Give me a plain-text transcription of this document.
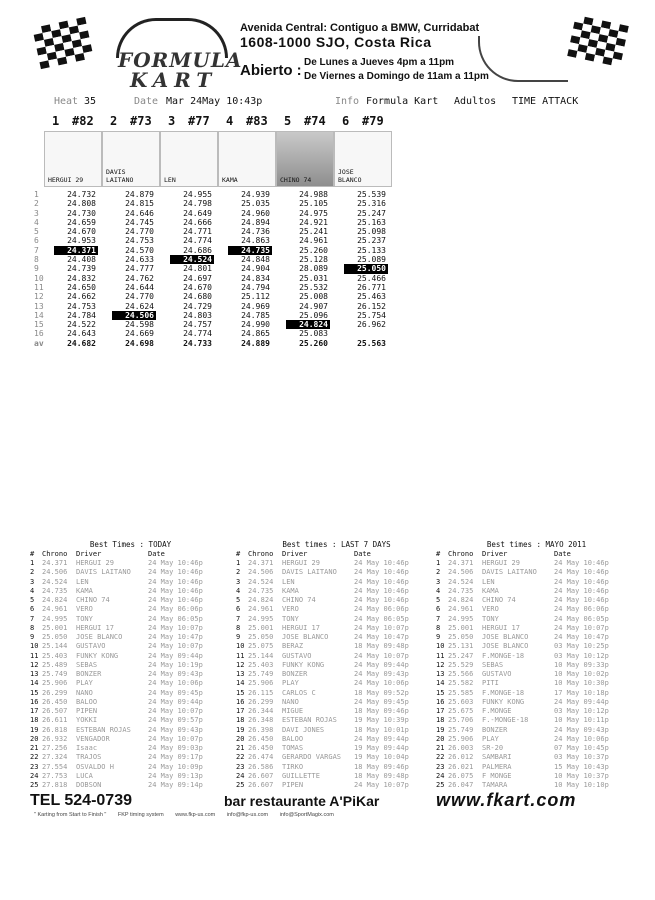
FORMULA
KART
Avenida Central: Contiguo a BMW, Curridabat
1608-1000 SJO, Costa Rica
Abierto : De Lunes a Jueves 4pm a 11pm
De Viernes a Domingo de 11am a 11pm
Heat 35	Date Mar 24May 10:43p	Info Formula Kart Adultos TIME ATTACK
1 #82 2 #73 3 #77 4 #83 5 #74 6 #79
HERGUI 29
DAVIS
LAITANO	LEN	KAMA	CHINO 74
JOSE
BLANCO
1	24.732	24.879	24.955	24.939	24.988	25.539
2	24.808	24.815	24.798	25.035	25.105	25.316
3	24.730	24.646	24.649	24.960	24.975	25.247
4	24.659	24.745	24.666	24.894	24.921	25.163
5	24.670	24.770	24.771	24.736	25.241	25.098
6	24.953	24.753	24.774	24.863	24.961	25.237
7	24.371	24.570	24.686	24.735	25.260	25.133
8	24.408	24.633	24.524	24.848	25.128	25.089
9	24.739	24.777	24.801	24.904	28.089	25.050
10	24.832	24.762	24.697	24.834	25.031	25.466
11	24.650	24.644	24.670	24.794	25.532	26.771
12	24.662	24.770	24.680	25.112	25.008	25.463
13	24.753	24.624	24.729	24.969	24.907	26.152
14	24.784	24.506	24.803	24.785	25.096	25.754
15	24.522	24.598	24.757	24.990	24.824	26.962
16	24.643	24.669	24.774	24.865	25.083
av	24.682	24.698	24.733	24.889	25.260	25.563
Best Times : TODAY
# Chrono Driver	Date
1 24.371 HERGUI 29	24 May 10:46p
2 24.506 DAVIS LAITANO 24 May 10:46p
3 24.524 LEN	24 May 10:46p
4 24.735 KAMA	24 May 10:46p
5 24.824 CHINO 74	24 May 10:46p
6 24.961 VERO	24 May 06:06p
7 24.995 TONY	24 May 06:05p
8 25.001 HERGUI 17	24 May 10:07p
9 25.050 JOSE BLANCO	24 May 10:47p
10 25.144 GUSTAVO	24 May 10:07p
11 25.403 FUNKY KONG	24 May 09:44p
12 25.489 SEBAS	24 May 10:19p
13 25.749 BONZER	24 May 09:43p
14 25.906 PLAY	24 May 10:06p
15 26.299 NANO	24 May 09:45p
16 26.450 BALOO	24 May 09:44p
17 26.507 PIPEN	24 May 10:07p
18 26.611 YOKKI	24 May 09:57p
19 26.818 ESTEBAN ROJAS 24 May 09:43p
20 26.932 VENGADOR	24 May 10:07p
21 27.256 Isaac	24 May 09:03p
22 27.324 TRAJOS	24 May 09:17p
23 27.554 OSVALDO H	24 May 10:09p
24 27.753 LUCA	24 May 09:13p
25 27.818 DOBSON	24 May 09:14p
Best times : LAST 7 DAYS
# Chrono Driver	Date
1 24.371 HERGUI 29	24 May 10:46p
2 24.506 DAVIS LAITANO 24 May 10:46p
3 24.524 LEN	24 May 10:46p
4 24.735 KAMA	24 May 10:46p
5 24.824 CHINO 74	24 May 10:46p
6 24.961 VERO	24 May 06:06p
7 24.995 TONY	24 May 06:05p
8 25.001 HERGUI 17	24 May 10:07p
9 25.050 JOSE BLANCO	24 May 10:47p
10 25.075 BERAZ	18 May 09:48p
11 25.144 GUSTAVO	24 May 10:07p
12 25.403 FUNKY KONG	24 May 09:44p
13 25.749 BONZER	24 May 09:43p
14 25.906 PLAY	24 May 10:06p
15 26.115 CARLOS C	18 May 09:52p
16 26.299 NANO	24 May 09:45p
17 26.344 MIGUE	18 May 09:46p
18 26.348 ESTEBAN ROJAS 19 May 10:39p
19 26.398 DAVI JONES	18 May 10:01p
20 26.450 BALOO	24 May 09:44p
21 26.450 TOMAS	19 May 09:44p
22 26.474 GERARDO VARGAS 19 May 10:04p
23 26.586 TIRKO	18 May 09:46p
24 26.607 GUILLETTE	18 May 09:48p
25 26.607 PIPEN	24 May 10:07p
Best times : MAYO 2011
# Chrono Driver	Date
1 24.371 HERGUI 29	24 May 10:46p
2 24.506 DAVIS LAITANO 24 May 10:46p
3 24.524 LEN	24 May 10:46p
4 24.735 KAMA	24 May 10:46p
5 24.824 CHINO 74	24 May 10:46p
6 24.961 VERO	24 May 06:06p
7 24.995 TONY	24 May 06:05p
8 25.001 HERGUI 17	24 May 10:07p
9 25.050 JOSE BLANCO	24 May 10:47p
10 25.131 JOSE BLANCO	03 May 10:25p
11 25.247 F.MONGE-18	03 May 10:12p
12 25.529 SEBAS	10 May 09:33p
13 25.566 GUSTAVO	10 May 10:02p
14 25.582 PITI	10 May 10:30p
15 25.585 F.MONGE-18	17 May 10:18p
16 25.603 FUNKY KONG	24 May 09:44p
17 25.675 F.MONGE	03 May 10:12p
18 25.706 F.-MONGE-18	10 May 10:11p
19 25.749 BONZER	24 May 09:43p
20 25.906 PLAY	24 May 10:06p
21 26.003 SR-20	07 May 10:45p
22 26.012 SAMBARI	03 May 10:37p
23 26.021 PALMERA	15 May 10:43p
24 26.075 F MONGE	10 May 10:37p
25 26.047 TAMARA	10 May 10:10p
TEL 524-0739	bar restaurante A'PiKar	www.fkart.com
" Karting from Start to Finish " FKP timing system www.fkp-us.com info@fkp-us.com info@SportMagix.com
